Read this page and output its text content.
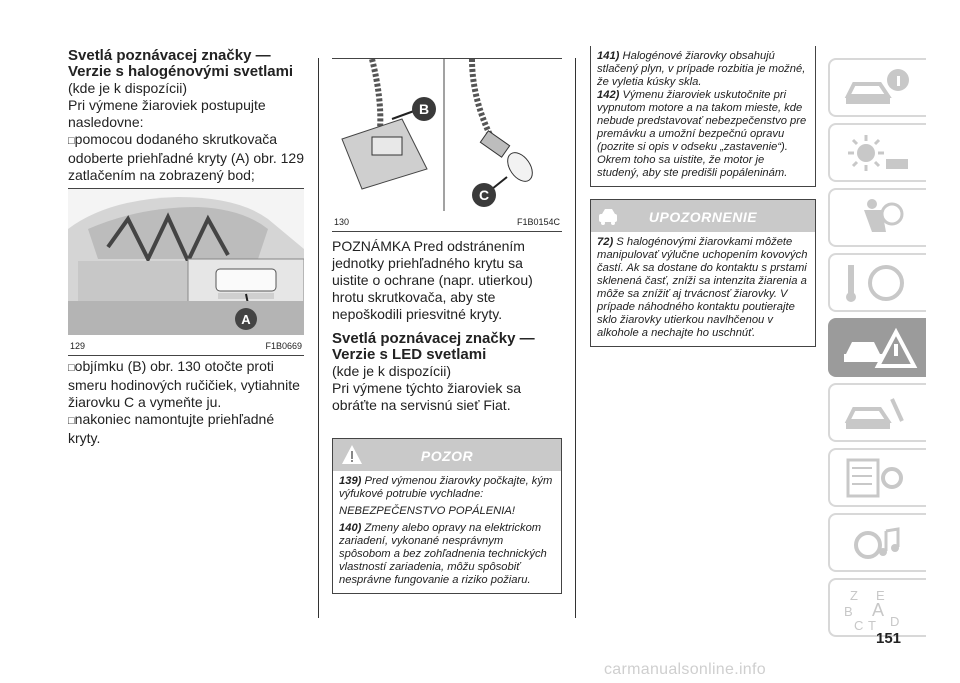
Svetlá poznávacej značky — Verzie s halogénovými svetlami

(kde je k dispozícii)

Pri výmene žiaroviek postupujte nasledovne:

□ pomocou dodaného skrutkovača odoberte priehľadné kryty (A) obr. 129 zatlačením na zobrazený bod;

A
129	F1B0669

□ objímku (B) obr. 130 otočte proti smeru hodinových ručičiek, vytiahnite žiarovku C a vymeňte ju.

□ nakoniec namontujte priehľadné kryty.

B
C
130	F1B0154C

POZNÁMKA Pred odstránením jednotky priehľadného krytu sa uistite o ochrane (napr. utierkou) hrotu skrutkovača, aby ste nepoškodili priesvitné kryty.

Svetlá poznávacej značky — Verzie s LED svetlami

(kde je k dispozícii)

Pri výmene týchto žiaroviek sa obráťte na servisnú sieť Fiat.

POZOR
139) Pred výmenou žiarovky počkajte, kým výfukové potrubie vychladne:
NEBEZPEČENSTVO POPÁLENIA!
140) Zmeny alebo opravy na elektrickom zariadení, vykonané nesprávnym spôsobom a bez zohľadnenia technických vlastností zariadenia, môžu spôsobiť nesprávne fungovanie a riziko požiaru.
141) Halogénové žiarovky obsahujú stlačený plyn, v prípade rozbitia je možné, že vyletia kúsky skla.
142) Výmenu žiaroviek uskutočnite pri vypnutom motore a na takom mieste, kde nebude predstavovať nebezpečenstvo pre premávku a umožní bezpečnú opravu (pozrite si opis v odseku „zastavenie“). Okrem toho sa uistite, že motor je studený, aby ste predišli popáleninám.
UPOZORNENIE
72) S halogénovými žiarovkami môžete manipulovať výlučne uchopením kovových častí. Ak sa dostane do kontaktu s prstami sklenená časť, zníži sa intenzita žiarenia a môže sa znížiť aj trvácnosť žiarovky. V prípade náhodného kontaktu poutierajte sklo žiarovky utierkou navlhčenou v alkohole a nechajte ho uschnúť.
Z E
B A
C T D
151
carmanualsonline.info
